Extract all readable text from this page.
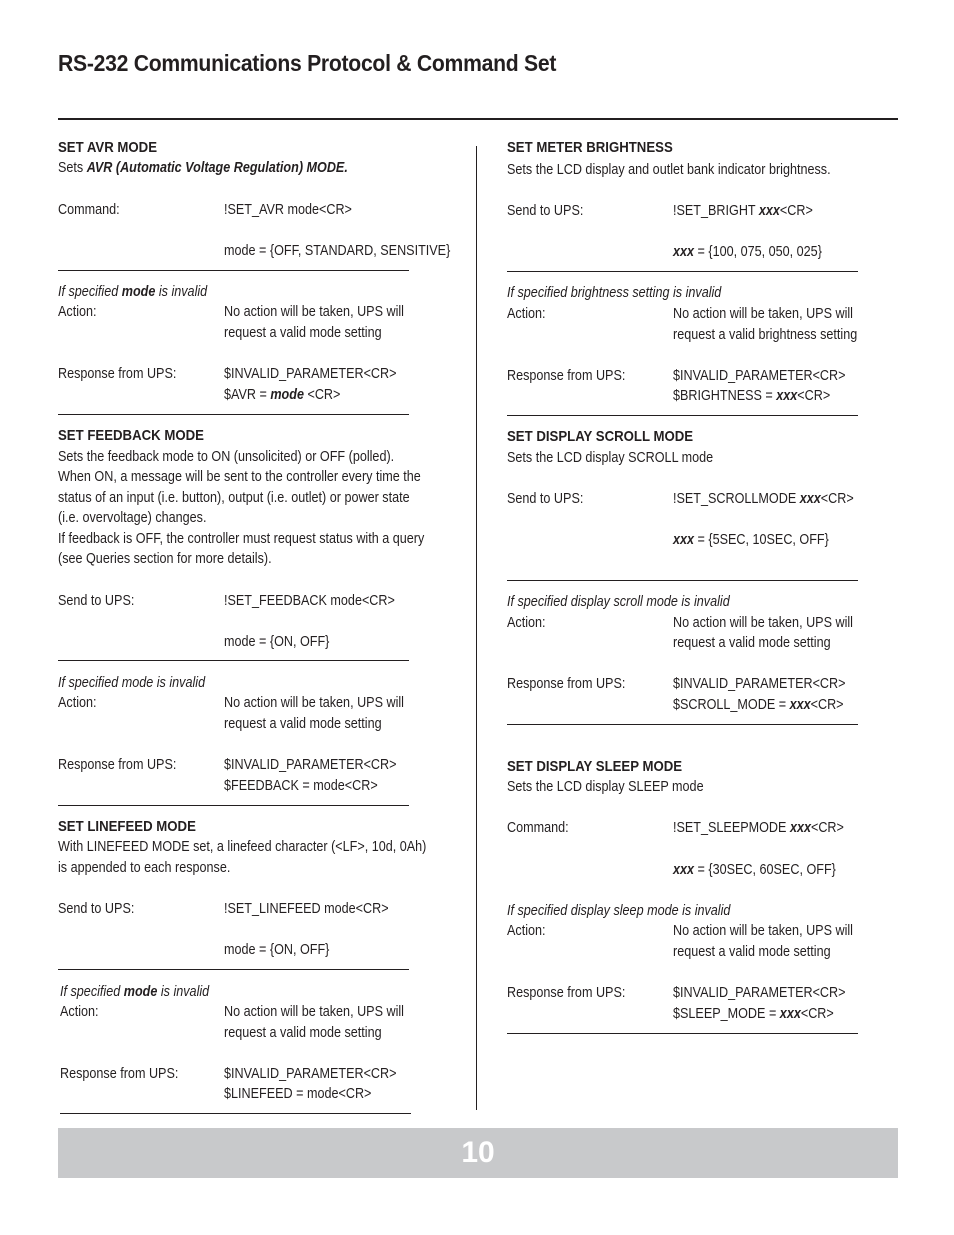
RS-232 Communications Protocol & Command Set
SET AVR MODE
Sets AVR (Automatic Voltage Regulation) MODE.
Command:	!SET_AVR mode<CR>
mode = {OFF, STANDARD, SENSITIVE}
If specified mode is invalid
Action:	No action will be taken, UPS will
request a valid mode setting
Response from UPS:	$INVALID_PARAMETER<CR>
$AVR = mode <CR>
SET FEEDBACK MODE
Sets the feedback mode to ON (unsolicited) or OFF (polled).
When ON, a message will be sent to the controller every time the
status of an input (i.e. button), output (i.e. outlet) or power state
(i.e. overvoltage) changes.
If feedback is OFF, the controller must request status with a query
(see Queries section for more details).
Send to UPS:	!SET_FEEDBACK mode<CR>
mode = {ON, OFF}
If specified mode is invalid
Action:	No action will be taken, UPS will
request a valid mode setting
Response from UPS:	$INVALID_PARAMETER<CR>
$FEEDBACK = mode<CR>
SET LINEFEED MODE
With LINEFEED MODE set, a linefeed character (<LF>, 10d, 0Ah)
is appended to each response.
Send to UPS:	!SET_LINEFEED mode<CR>
mode = {ON, OFF}
If specified mode is invalid
Action:	No action will be taken, UPS will
request a valid mode setting
Response from UPS:	$INVALID_PARAMETER<CR>
$LINEFEED = mode<CR>
SET METER BRIGHTNESS
Sets the LCD display and outlet bank indicator brightness.
Send to UPS:	!SET_BRIGHT xxx<CR>
xxx = {100, 075, 050, 025}
If specified brightness setting is invalid
Action:	No action will be taken, UPS will
request a valid brightness setting
Response from UPS:	$INVALID_PARAMETER<CR>
$BRIGHTNESS = xxx<CR>
SET DISPLAY SCROLL MODE
Sets the LCD display SCROLL mode
Send to UPS:	!SET_SCROLLMODE xxx<CR>
xxx = {5SEC, 10SEC, OFF}
If specified display scroll mode is invalid
Action:	No action will be taken, UPS will
request a valid mode setting
Response from UPS:	$INVALID_PARAMETER<CR>
$SCROLL_MODE = xxx<CR>
SET DISPLAY SLEEP MODE
Sets the LCD display SLEEP mode
Command:	!SET_SLEEPMODE xxx<CR>
xxx = {30SEC, 60SEC, OFF}
If specified display sleep mode is invalid
Action:	No action will be taken, UPS will
request a valid mode setting
Response from UPS:	$INVALID_PARAMETER<CR>
$SLEEP_MODE = xxx<CR>
10
